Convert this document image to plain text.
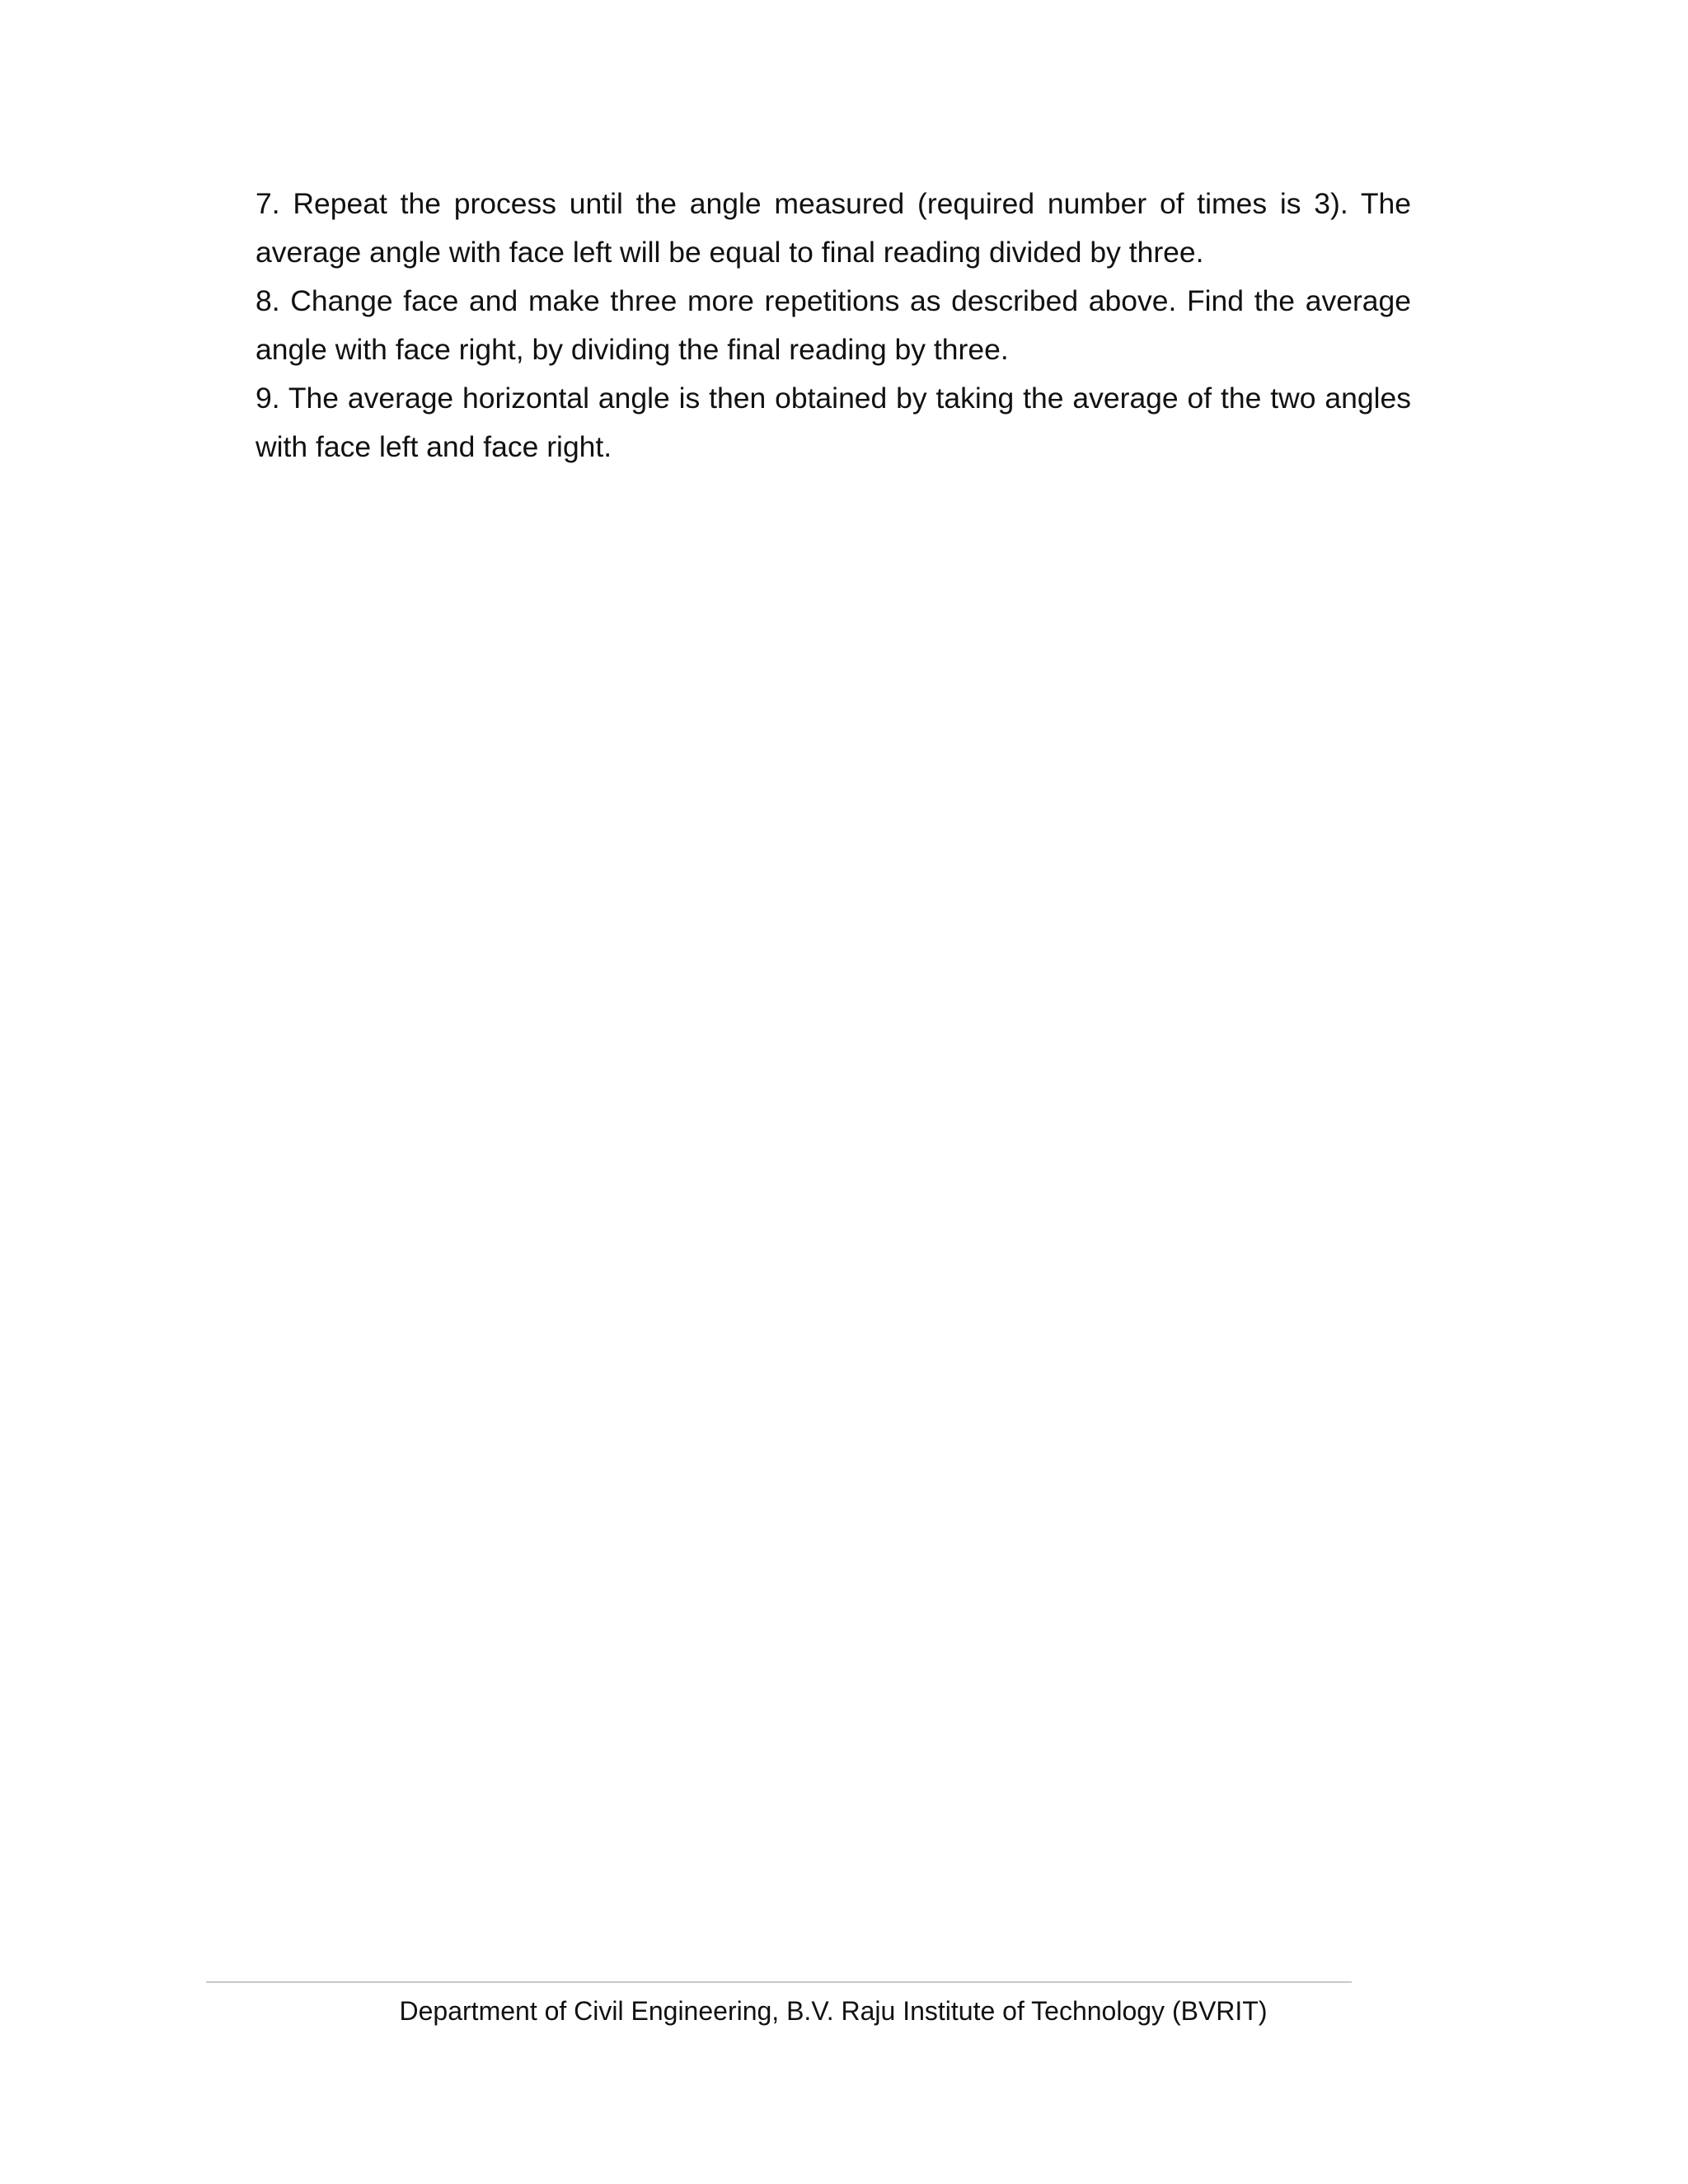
7. Repeat the process until the angle measured (required number of times is 3). The average angle with face left will be equal to final reading divided by three.

8. Change face and make three more repetitions as described above. Find the average angle with face right, by dividing the final reading by three.

9. The average horizontal angle is then obtained by taking the average of the two angles with face left and face right.

Department of Civil Engineering, B.V. Raju Institute of Technology (BVRIT)
